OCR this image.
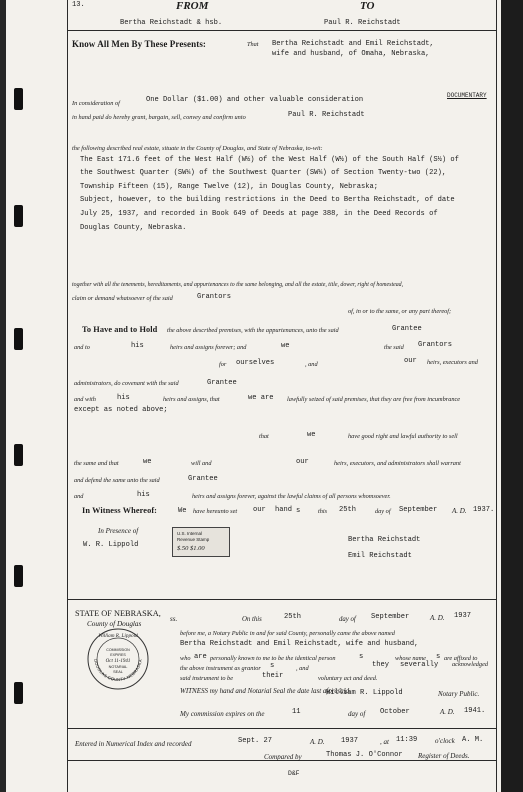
13.	FROM	TO
Bertha Reichstadt & hsb.	Paul R. Reichstadt
Know All Men By These Presents:	That Bertha Reichstadt and Emil Reichstadt,
wife and husband, of Omaha, Nebraska,
DOCUMENTARY
In consideration of	One Dollar ($1.00) and other valuable consideration
in hand paid do hereby grant, bargain, sell, convey and confirm unto	Paul R. Reichstadt
the following described real estate, situate in the County of Douglas, and State of Nebraska, to-wit:
The East 171.6 feet of the West Half (W½) of the West Half (W½) of the South Half (S½) of
the Southwest Quarter (SW¼) of the Southwest Quarter (SW¼) of Section Twenty-two (22),
Township Fifteen (15), Range Twelve (12), in Douglas County, Nebraska;
Subject, however, to the building restrictions in the Deed to Bertha Reichstadt, of date
July 25, 1937, and recorded in Book 649 of Deeds at page 388, in the Deed Records of
Douglas County, Nebraska.
together with all the tenements, hereditaments, and appurtenances to the same belonging, and all the estate, title, dower, right of homestead,
claim or demand whatsoever of the said	Grantors
of, in or to the same, or any part thereof;
To Have and to Hold the above described premises, with the appurtenances, unto the said	Grantee
and to	his	heirs and assigns forever; and	we	the said Grantors
for ourselves	, and	our heirs, executors and
administrators, do covenant with the said	Grantee
and with	his	heirs and assigns, that	we are lawfully seized of said premises, that they are free from incumbrance
except as noted above;
that	we	have good right and lawful authority to sell
the same and that	we	will and	our	heirs, executors, and administrators shall warrant
and defend the same unto the said	Grantee
and	his	heirs and assigns forever, against the lawful claims of all persons whomsoever.
In Witness Whereof:	We have hereunto set our hand s	this 25th	day of September A. D. 1937.
In Presence of
W. R. Lippold
Bertha Reichstadt
Emil Reichstadt
U.S. Internal
Revenue Stamp
$.50 $1.00
STATE OF NEBRASKA,
County of Douglas
ss.	On this	25th	day of September	A. D. 1937
before me, a Notary Public in and for said County, personally came the above named
Bertha Reichstadt and Emil Reichstadt, wife and husband,
who are personally known to me to be the identical person	s	whose name s are affixed to
the above instrument as grantor s	, and	they severally acknowledged
said instrument to be	their	voluntary act and deed.
WITNESS my hand and Notarial Seal the date last aforesaid.
William R. Lippold	Notary Public.
My commission expires on the	11	day of October	A. D. 1941.
William R. Lippold
COMMISSION
EXPIRES
Oct 11-1941
NOTARIAL
SEAL
DOUGLAS COUNTY NEBRASKA
Entered in Numerical Index and recorded	Sept. 27	A. D. 1937	, at 11:39	o'clock A. M.
Compared by	Thomas J. O'Connor Register of Deeds.
D&F
